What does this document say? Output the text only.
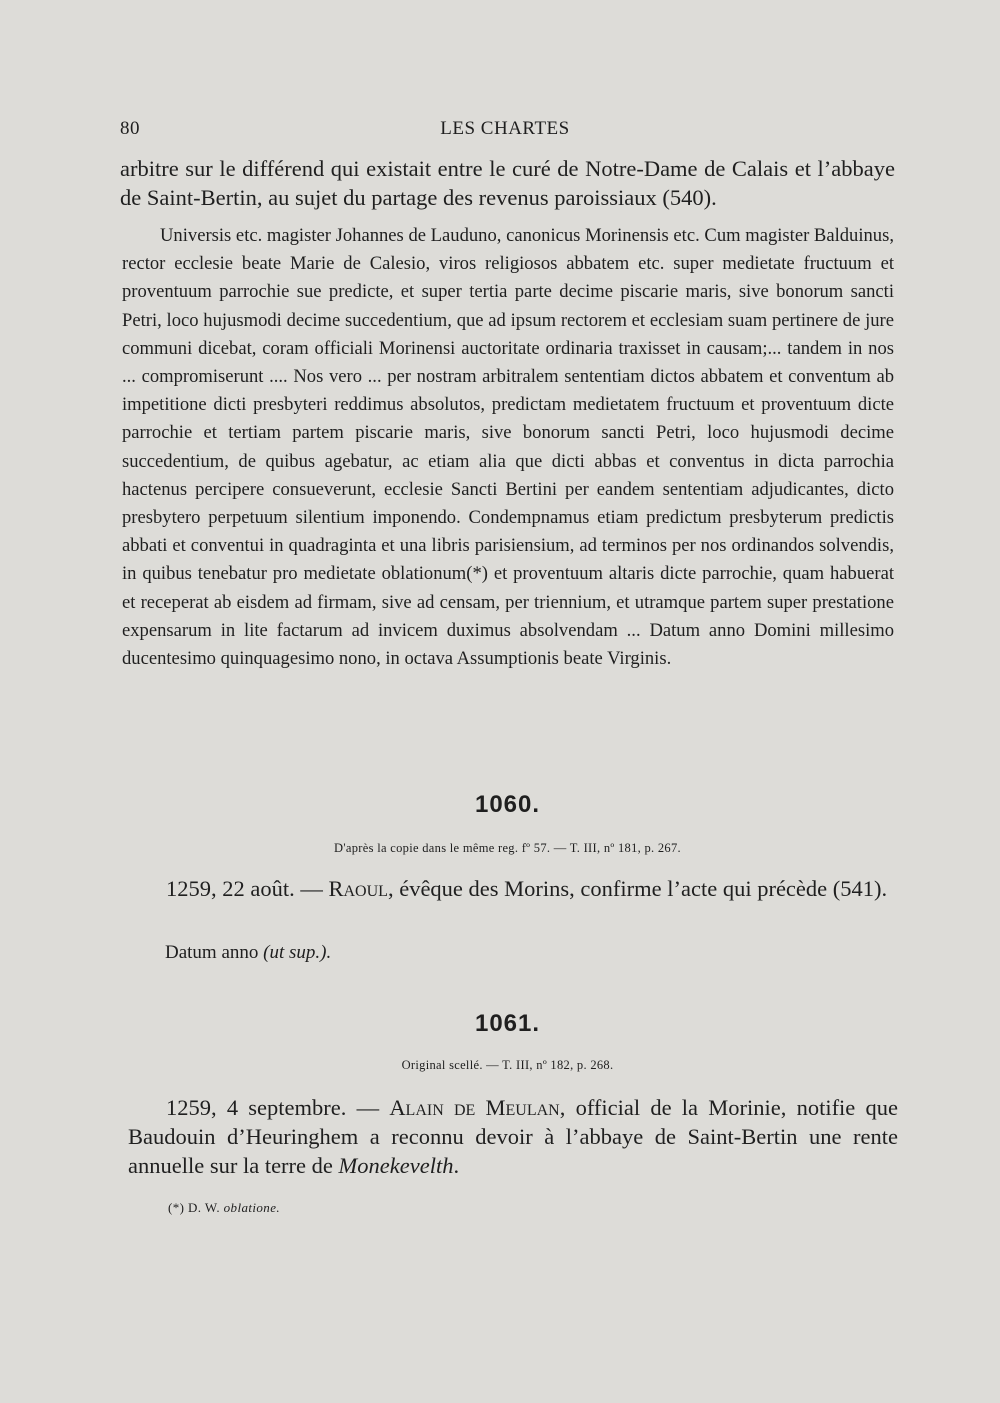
80	LES CHARTES

arbitre sur le différend qui existait entre le curé de Notre-Dame de Calais et l’abbaye de Saint-Bertin, au sujet du partage des revenus paroissiaux (540).

Universis etc. magister Johannes de Lauduno, canonicus Morinensis etc. Cum magister Balduinus, rector ecclesie beate Marie de Calesio, viros religiosos abbatem etc. super medietate fructuum et proventuum parrochie sue predicte, et super tertia parte decime piscarie maris, sive bonorum sancti Petri, loco hujusmodi decime succedentium, que ad ipsum rectorem et ecclesiam suam pertinere de jure communi dicebat, coram officiali Morinensi auctoritate ordinaria traxisset in causam;... tandem in nos ... compromiserunt .... Nos vero ... per nostram arbitralem sententiam dictos abbatem et conventum ab impetitione dicti presbyteri reddimus absolutos, predictam medietatem fructuum et proventuum dicte parrochie et tertiam partem piscarie maris, sive bonorum sancti Petri, loco hujusmodi decime succedentium, de quibus agebatur, ac etiam alia que dicti abbas et conventus in dicta parrochia hactenus percipere consueverunt, ecclesie Sancti Bertini per eandem sententiam adjudicantes, dicto presbytero perpetuum silentium imponendo. Condempnamus etiam predictum presbyterum predictis abbati et conventui in quadraginta et una libris parisiensium, ad terminos per nos ordinandos solvendis, in quibus tenebatur pro medietate oblationum(*) et proventuum altaris dicte parrochie, quam habuerat et receperat ab eisdem ad firmam, sive ad censam, per triennium, et utramque partem super prestatione expensarum in lite factarum ad invicem duximus absolvendam ... Datum anno Domini millesimo ducentesimo quinquagesimo nono, in octava Assumptionis beate Virginis.

1060.
D'après la copie dans le même reg. fº 57. — T. III, nº 181, p. 267.

1259, 22 août. — Raoul, évêque des Morins, confirme l’acte qui précède (541).

Datum anno (ut sup.).
1061.
Original scellé. — T. III, nº 182, p. 268.

1259, 4 septembre. — Alain de Meulan, official de la Morinie, notifie que Baudouin d’Heuringhem a reconnu devoir à l’abbaye de Saint-Bertin une rente annuelle sur la terre de Monekevelth.

(*) D. W. oblatione.
